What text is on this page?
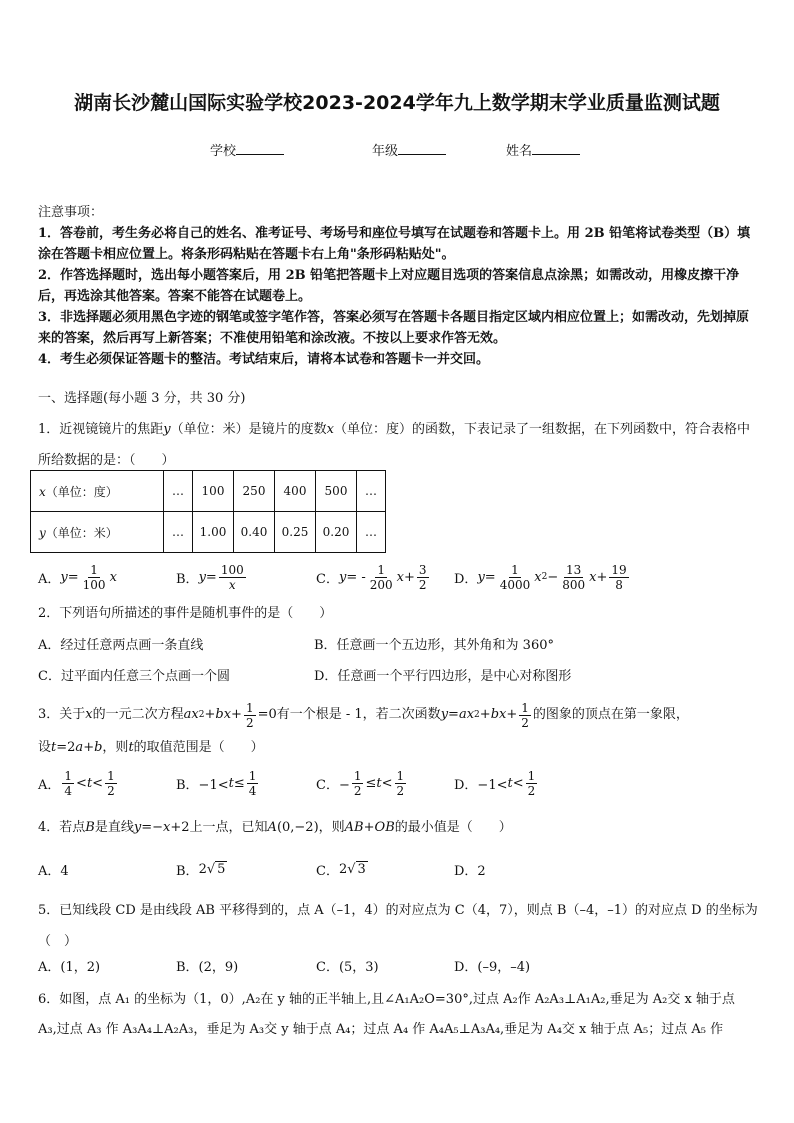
湖南长沙麓山国际实验学校2023-2024学年九上数学期末学业质量监测试题
学校	年级	姓名

注意事项：

1．答卷前，考生务必将自己的姓名、准考证号、考场号和座位号填写在试题卷和答题卡上。用 2B 铅笔将试卷类型（B）填涂在答题卡相应位置上。将条形码粘贴在答题卡右上角"条形码粘贴处"。

2．作答选择题时，选出每小题答案后，用 2B 铅笔把答题卡上对应题目选项的答案信息点涂黑；如需改动，用橡皮擦干净后，再选涂其他答案。答案不能答在试题卷上。

3．非选择题必须用黑色字迹的钢笔或签字笔作答，答案必须写在答题卡各题目指定区域内相应位置上；如需改动，先划掉原来的答案，然后再写上新答案；不准使用铅笔和涂改液。不按以上要求作答无效。

4．考生必须保证答题卡的整洁。考试结束后，请将本试卷和答题卡一并交回。

一、选择题(每小题 3 分，共 30 分)
1．近视镜镜片的焦距y（单位：米）是镜片的度数x（单位：度）的函数，下表记录了一组数据，在下列函数中，符合表格中所给数据的是：（　　）
x（单位：度）	…	100	250	400	500	…
y（单位：米）	…	1.00	0.40	0.25	0.20	…
A． $y = \frac{1}{100}$ x	B． $y = \frac{100}{x}$	C． y = - $\frac{1}{200}$ $x + \frac{3}{2}$ D． $y = \frac{1}{4000}$ x $2 - \frac{13}{800}$ $x + \frac{19}{8}$
2．下列语句所描述的事件是随机事件的是（　　）
A．经过任意两点画一条直线	B．任意画一个五边形，其外角和为 360°
C．过平面内任意三个点画一个圆	D．任意画一个平行四边形，是中心对称图形
3．关于 x 的一元二次方程 ax 2 + bx + $\frac{1}{2} =0$ 有一个根是 - 1，若二次函数 y = ax 2 + bx + $\frac{1}{2}$ 的图象的顶点在第一象限，
设t=2a+b，则t的取值范围是（　　）
A． $\frac{1}{4} < t < \frac{1}{2}$	B．$-1< t \le \frac{1}{4}$	C．− $\frac{1}{2} \le t < \frac{1}{2}$	D．$-1< t < \frac{1}{2}$
4．若点B是直线y=−x+2上一点，已知A(0,−2)，则AB+OB的最小值是（　　）
A．4	B． 2√ 5	C． 2√ 3	D．2
5．已知线段 CD 是由线段 AB 平移得到的，点 A（–1，4）的对应点为 C（4，7），则点 B（–4，–1）的对应点 D 的坐标为（　）
A．(1，2)	B．(2，9)	C．(5，3)	D．(–9，–4)
6．如图，点 A₁ 的坐标为（1，0）,A₂在 y 轴的正半轴上,且∠A₁A₂O=30°,过点 A₂作 A₂A₃⊥A₁A₂,垂足为 A₂交 x 轴于点
A₃,过点 A₃ 作 A₃A₄⊥A₂A₃，垂足为 A₃交 y 轴于点 A₄；过点 A₄ 作 A₄A₅⊥A₃A₄,垂足为 A₄交 x 轴于点 A₅；过点 A₅ 作
